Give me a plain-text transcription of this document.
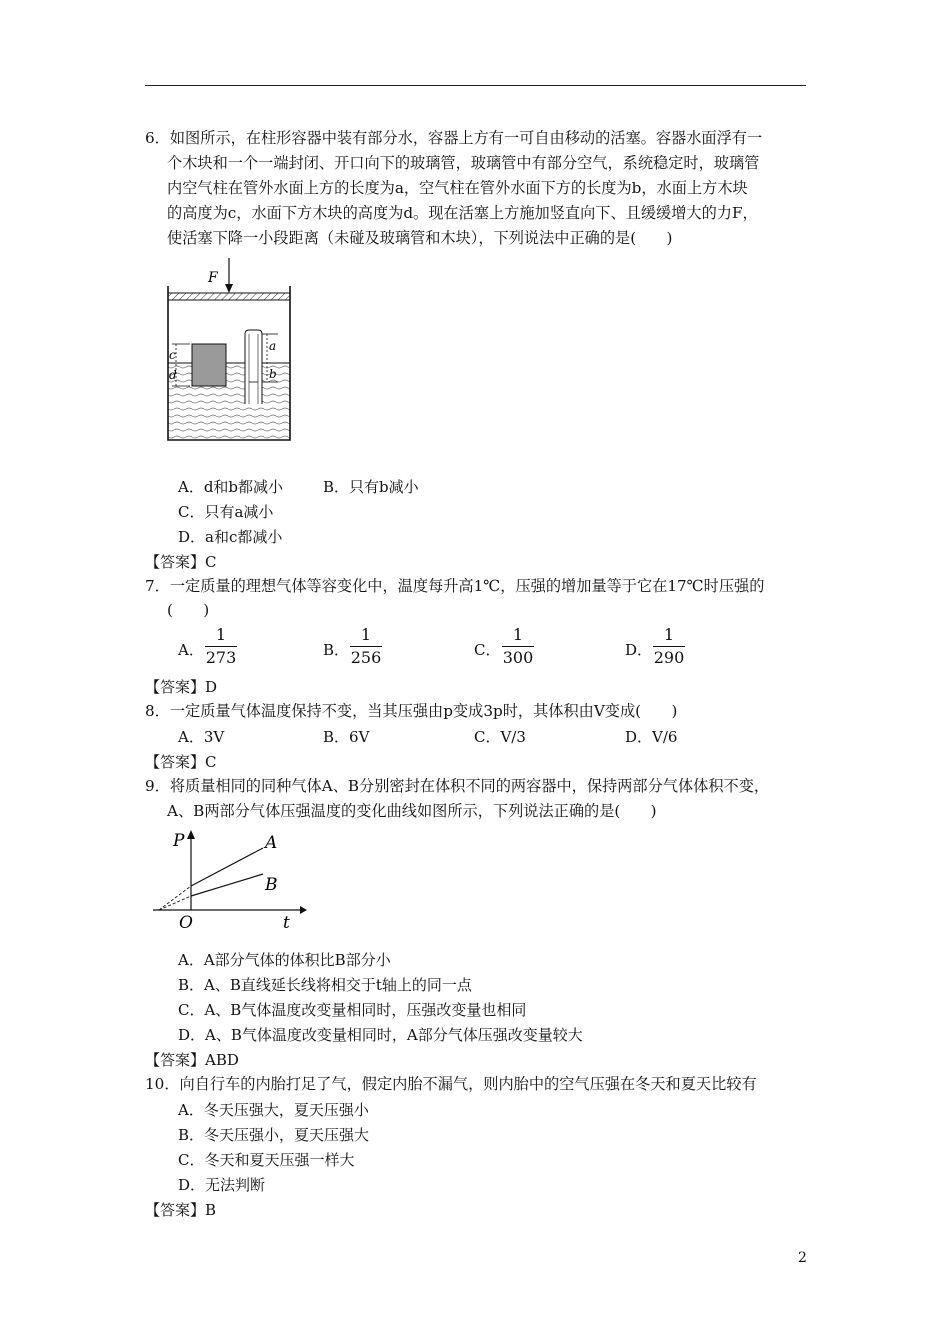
6．如图所示，在柱形容器中装有部分水，容器上方有一可自由移动的活塞。容器水面浮有一
个木块和一个一端封闭、开口向下的玻璃管，玻璃管中有部分空气，系统稳定时，玻璃管
内空气柱在管外水面上方的长度为a，空气柱在管外水面下方的长度为b，水面上方木块
的高度为c，水面下方木块的高度为d。现在活塞上方施加竖直向下、且缓缓增大的力F，
使活塞下降一小段距离（未碰及玻璃管和木块），下列说法中正确的是(　　)
F
c
d
a
b
A．d和b都减小	B．只有b减小
C．只有a减小
D．a和c都减小
【答案】C
7．一定质量的理想气体等容变化中，温度每升高1℃，压强的增加量等于它在17℃时压强的
(　　)
A．
1
273	B．
1
256	C．
1
300	D．
1
290
【答案】D
8．一定质量气体温度保持不变，当其压强由p变成3p时，其体积由V变成(　　)
A．3V	B．6V	C．V/3	D．V/6
【答案】C
9．将质量相同的同种气体A、B分别密封在体积不同的两容器中，保持两部分气体体积不变，
A、B两部分气体压强温度的变化曲线如图所示，下列说法正确的是(　　)
P
O	t
A
B
A．A部分气体的体积比B部分小
B．A、B直线延长线将相交于t轴上的同一点
C．A、B气体温度改变量相同时，压强改变量也相同
D．A、B气体温度改变量相同时，A部分气体压强改变量较大
【答案】ABD
10．向自行车的内胎打足了气，假定内胎不漏气，则内胎中的空气压强在冬天和夏天比较有
A．冬天压强大，夏天压强小
B．冬天压强小，夏天压强大
C．冬天和夏天压强一样大
D．无法判断
【答案】B
2
